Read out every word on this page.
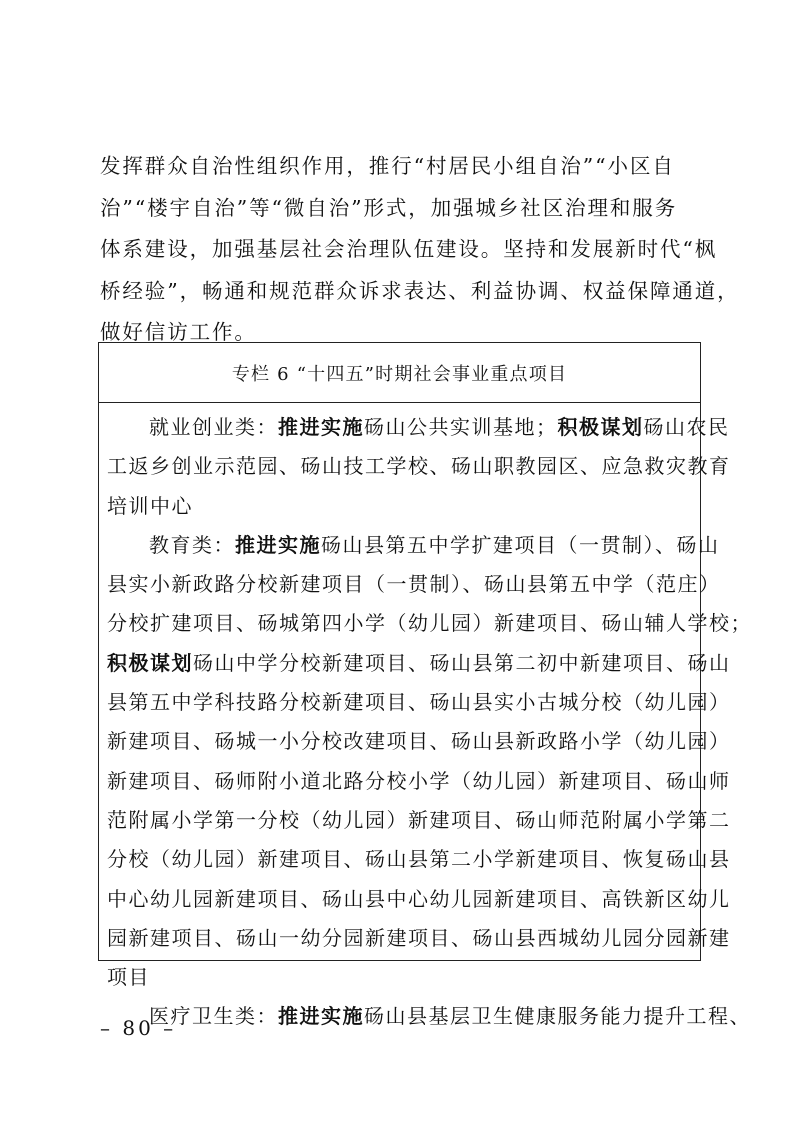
发挥群众自治性组织作用，推行“村居民小组自治”“小区自
治”“楼宇自治”等“微自治”形式，加强城乡社区治理和服务
体系建设，加强基层社会治理队伍建设。坚持和发展新时代“枫
桥经验”，畅通和规范群众诉求表达、利益协调、权益保障通道，
做好信访工作。
专栏 6 “十四五”时期社会事业重点项目
就业创业类：推进实施砀山公共实训基地；积极谋划砀山农民
工返乡创业示范园、砀山技工学校、砀山职教园区、应急救灾教育
培训中心
教育类：推进实施砀山县第五中学扩建项目（一贯制）、砀山
县实小新政路分校新建项目（一贯制）、砀山县第五中学（范庄）
分校扩建项目、砀城第四小学（幼儿园）新建项目、砀山辅人学校；
积极谋划砀山中学分校新建项目、砀山县第二初中新建项目、砀山
县第五中学科技路分校新建项目、砀山县实小古城分校（幼儿园）
新建项目、砀城一小分校改建项目、砀山县新政路小学（幼儿园）
新建项目、砀师附小道北路分校小学（幼儿园）新建项目、砀山师
范附属小学第一分校（幼儿园）新建项目、砀山师范附属小学第二
分校（幼儿园）新建项目、砀山县第二小学新建项目、恢复砀山县
中心幼儿园新建项目、砀山县中心幼儿园新建项目、高铁新区幼儿
园新建项目、砀山一幼分园新建项目、砀山县西城幼儿园分园新建
项目
医疗卫生类：推进实施砀山县基层卫生健康服务能力提升工程、
– 80 –
